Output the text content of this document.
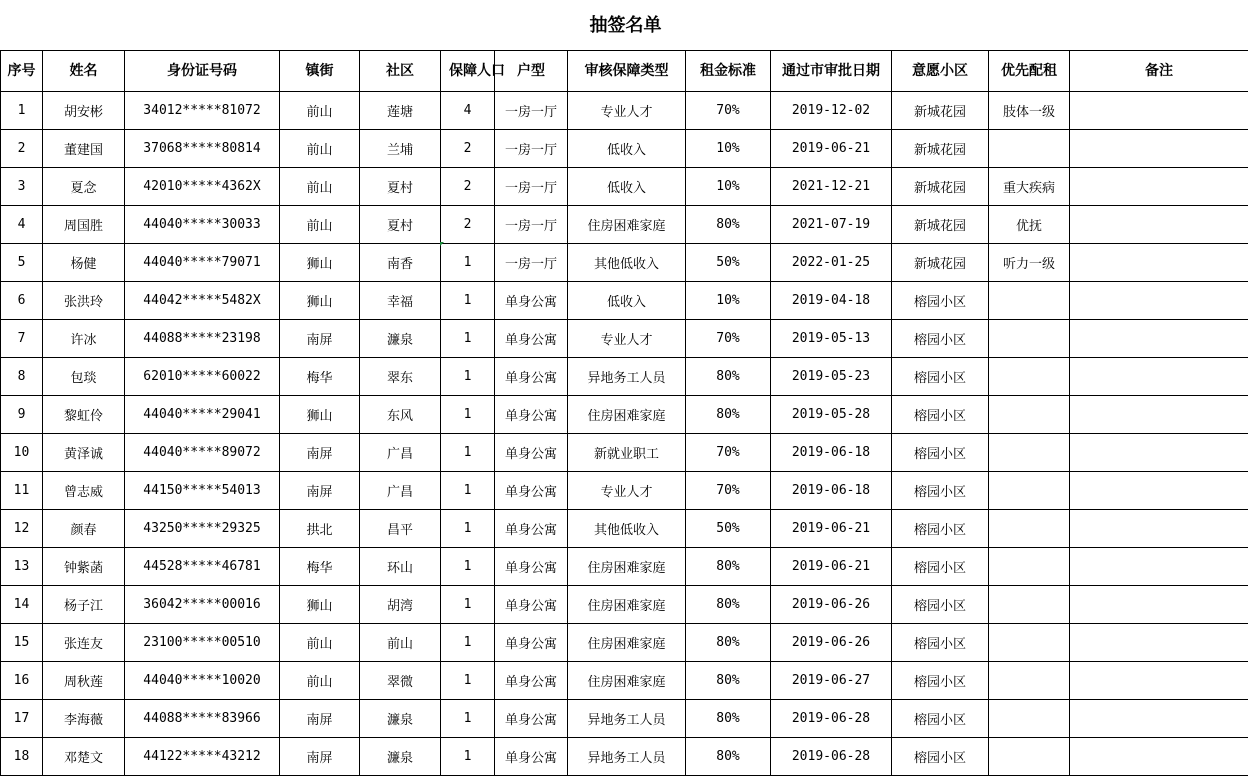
抽签名单
序号	姓名	身份证号码	镇街	社区	保障人口	户型	审核保障类型	租金标准	通过市审批日期	意愿小区	优先配租	备注
1	胡安彬	34012*****81072	前山	莲塘	4	一房一厅	专业人才	70%	2019-12-02	新城花园	肢体一级	
2	董建国	37068*****80814	前山	兰埔	2	一房一厅	低收入	10%	2019-06-21	新城花园		
3	夏念	42010*****4362X	前山	夏村	2	一房一厅	低收入	10%	2021-12-21	新城花园	重大疾病	
4	周国胜	44040*****30033	前山	夏村	2	一房一厅	住房困难家庭	80%	2021-07-19	新城花园	优抚	
5	杨健	44040*****79071	狮山	南香	1	一房一厅	其他低收入	50%	2022-01-25	新城花园	听力一级	
6	张洪玲	44042*****5482X	狮山	幸福	1	单身公寓	低收入	10%	2019-04-18	榕园小区		
7	许冰	44088*****23198	南屏	濂泉	1	单身公寓	专业人才	70%	2019-05-13	榕园小区		
8	包琰	62010*****60022	梅华	翠东	1	单身公寓	异地务工人员	80%	2019-05-23	榕园小区		
9	黎虹伶	44040*****29041	狮山	东风	1	单身公寓	住房困难家庭	80%	2019-05-28	榕园小区		
10	黄泽诚	44040*****89072	南屏	广昌	1	单身公寓	新就业职工	70%	2019-06-18	榕园小区		
11	曾志威	44150*****54013	南屏	广昌	1	单身公寓	专业人才	70%	2019-06-18	榕园小区		
12	颜春	43250*****29325	拱北	昌平	1	单身公寓	其他低收入	50%	2019-06-21	榕园小区		
13	钟紫菡	44528*****46781	梅华	环山	1	单身公寓	住房困难家庭	80%	2019-06-21	榕园小区		
14	杨子江	36042*****00016	狮山	胡湾	1	单身公寓	住房困难家庭	80%	2019-06-26	榕园小区		
15	张连友	23100*****00510	前山	前山	1	单身公寓	住房困难家庭	80%	2019-06-26	榕园小区		
16	周秋莲	44040*****10020	前山	翠微	1	单身公寓	住房困难家庭	80%	2019-06-27	榕园小区		
17	李海薇	44088*****83966	南屏	濂泉	1	单身公寓	异地务工人员	80%	2019-06-28	榕园小区		
18	邓楚文	44122*****43212	南屏	濂泉	1	单身公寓	异地务工人员	80%	2019-06-28	榕园小区		
